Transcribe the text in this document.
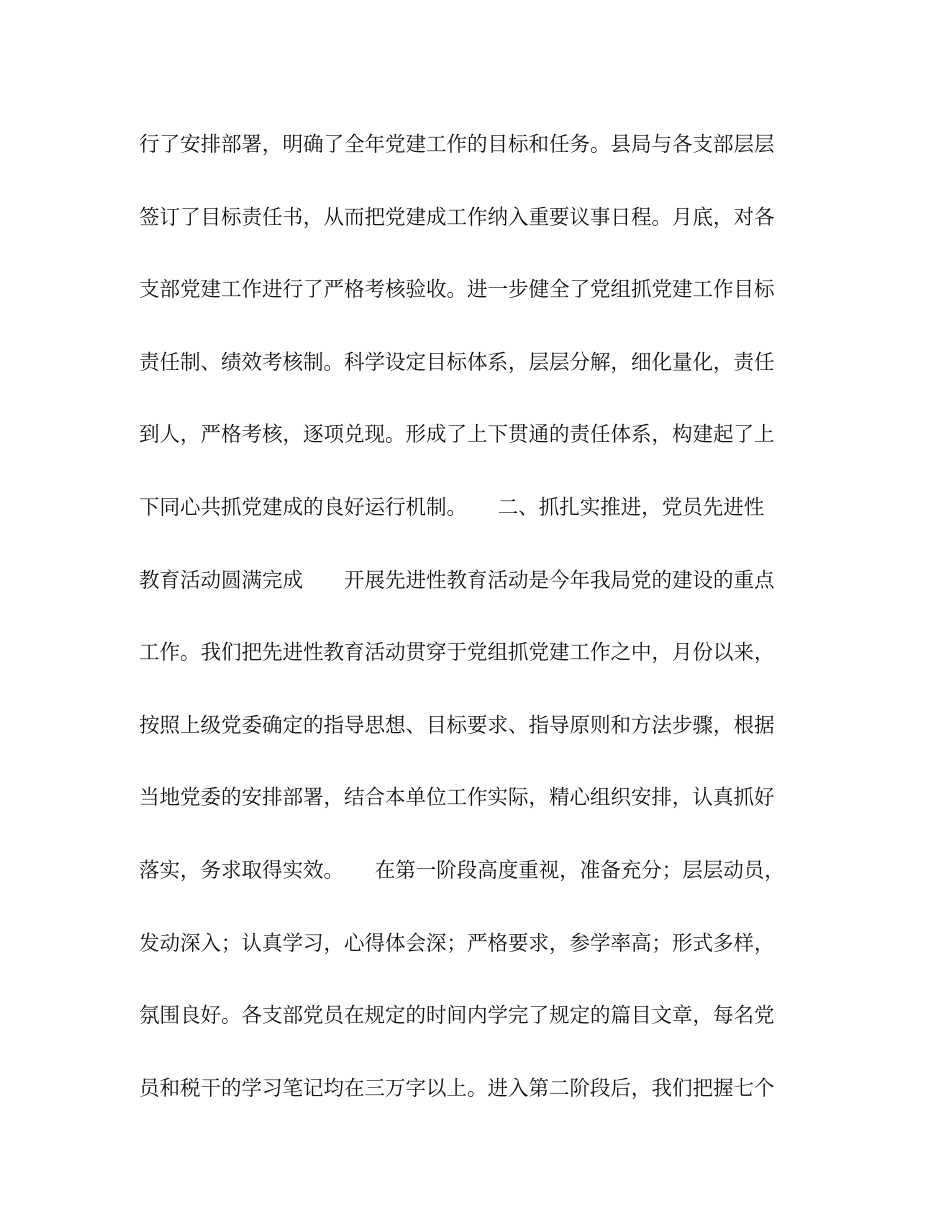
行了安排部署，明确了全年党建工作的目标和任务。县局与各支部层层
签订了目标责任书，从而把党建成工作纳入重要议事日程。月底，对各
支部党建工作进行了严格考核验收。进一步健全了党组抓党建工作目标
责任制、绩效考核制。科学设定目标体系，层层分解，细化量化，责任
到人，严格考核，逐项兑现。形成了上下贯通的责任体系，构建起了上
下同心共抓党建成的良好运行机制。　　二、抓扎实推进，党员先进性
教育活动圆满完成　　开展先进性教育活动是今年我局党的建设的重点
工作。我们把先进性教育活动贯穿于党组抓党建工作之中，月份以来，
按照上级党委确定的指导思想、目标要求、指导原则和方法步骤，根据
当地党委的安排部署，结合本单位工作实际，精心组织安排，认真抓好
落实，务求取得实效。　　在第一阶段高度重视，准备充分；层层动员，
发动深入；认真学习，心得体会深；严格要求，参学率高；形式多样，
氛围良好。各支部党员在规定的时间内学完了规定的篇目文章，每名党
员和税干的学习笔记均在三万字以上。进入第二阶段后，我们把握七个
